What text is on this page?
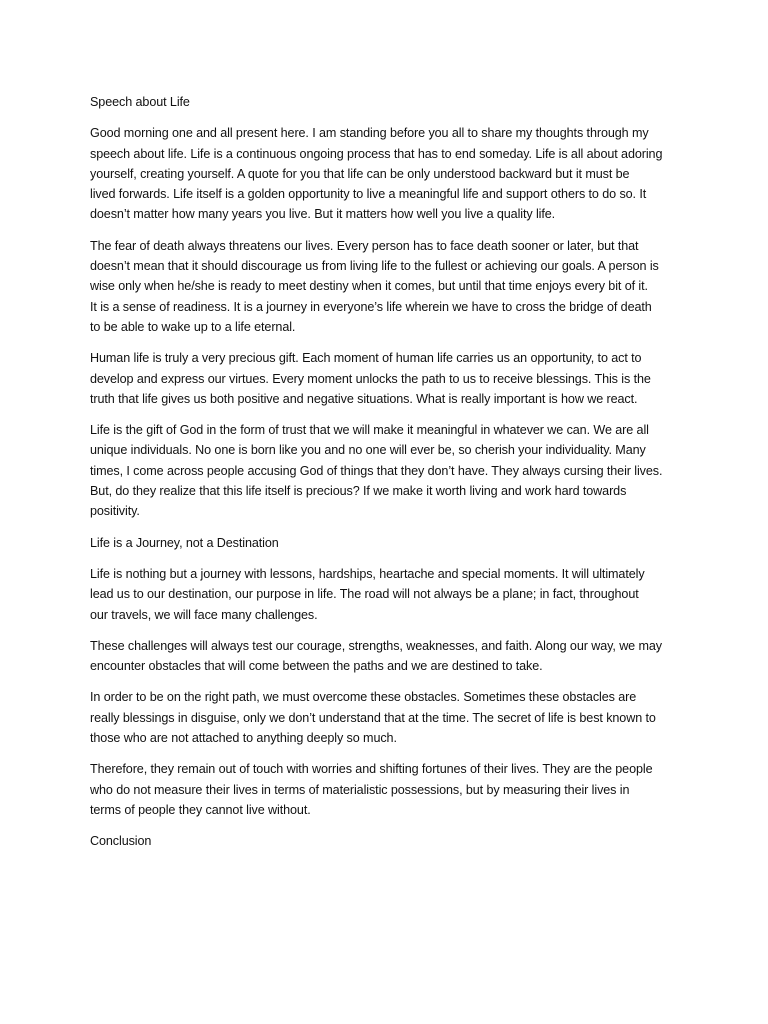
Speech about Life
Good morning one and all present here. I am standing before you all to share my thoughts through my
speech about life. Life is a continuous ongoing process that has to end someday. Life is all about adoring
yourself, creating yourself. A quote for you that life can be only understood backward but it must be
lived forwards. Life itself is a golden opportunity to live a meaningful life and support others to do so. It
doesn’t matter how many years you live. But it matters how well you live a quality life.
The fear of death always threatens our lives. Every person has to face death sooner or later, but that
doesn’t mean that it should discourage us from living life to the fullest or achieving our goals. A person is
wise only when he/she is ready to meet destiny when it comes, but until that time enjoys every bit of it.
It is a sense of readiness. It is a journey in everyone’s life wherein we have to cross the bridge of death
to be able to wake up to a life eternal.
Human life is truly a very precious gift. Each moment of human life carries us an opportunity, to act to
develop and express our virtues. Every moment unlocks the path to us to receive blessings. This is the
truth that life gives us both positive and negative situations. What is really important is how we react.
Life is the gift of God in the form of trust that we will make it meaningful in whatever we can. We are all
unique individuals. No one is born like you and no one will ever be, so cherish your individuality. Many
times, I come across people accusing God of things that they don’t have. They always cursing their lives.
But, do they realize that this life itself is precious? If we make it worth living and work hard towards
positivity.
Life is a Journey, not a Destination
Life is nothing but a journey with lessons, hardships, heartache and special moments. It will ultimately
lead us to our destination, our purpose in life. The road will not always be a plane; in fact, throughout
our travels, we will face many challenges.
These challenges will always test our courage, strengths, weaknesses, and faith. Along our way, we may
encounter obstacles that will come between the paths and we are destined to take.
In order to be on the right path, we must overcome these obstacles. Sometimes these obstacles are
really blessings in disguise, only we don’t understand that at the time. The secret of life is best known to
those who are not attached to anything deeply so much.
Therefore, they remain out of touch with worries and shifting fortunes of their lives. They are the people
who do not measure their lives in terms of materialistic possessions, but by measuring their lives in
terms of people they cannot live without.
Conclusion
